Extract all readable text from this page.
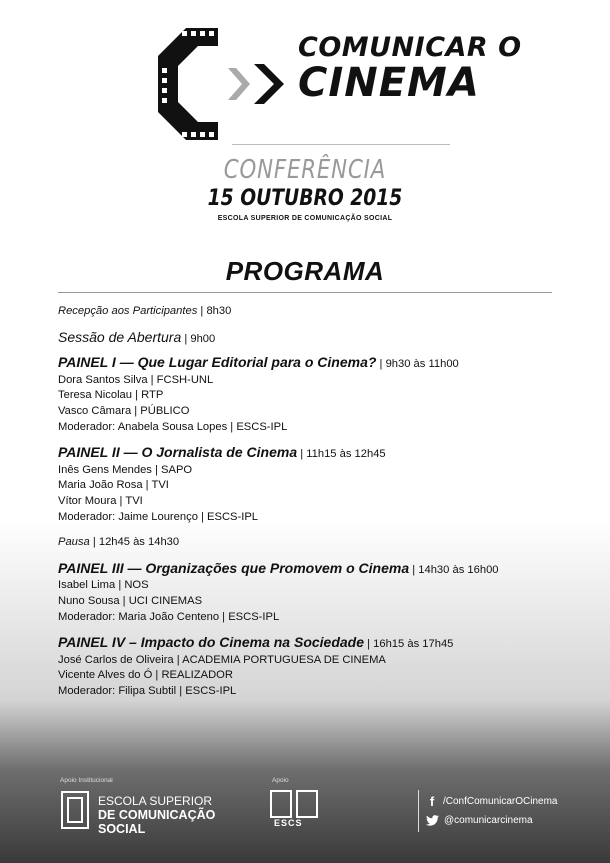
COMUNICAR O
CINEMA
CONFERÊNCIA
15 OUTUBRO 2015
ESCOLA SUPERIOR DE COMUNICAÇÃO SOCIAL
PROGRAMA
Recepção aos Participantes | 8h30
Sessão de Abertura | 9h00
PAINEL I — Que Lugar Editorial para o Cinema? | 9h30 às 11h00
Dora Santos Silva | FCSH-UNL
Teresa Nicolau | RTP
Vasco Câmara | PÚBLICO
Moderador: Anabela Sousa Lopes | ESCS-IPL
PAINEL II — O Jornalista de Cinema | 11h15 às 12h45
Inês Gens Mendes | SAPO
Maria João Rosa | TVI
Vítor Moura | TVI
Moderador: Jaime Lourenço | ESCS-IPL
Pausa | 12h45 às 14h30
PAINEL III — Organizações que Promovem o Cinema | 14h30 às 16h00
Isabel Lima | NOS
Nuno Sousa | UCI CINEMAS
Moderador: Maria João Centeno | ESCS-IPL
PAINEL IV – Impacto do Cinema na Sociedade | 16h15 às 17h45
José Carlos de Oliveira | ACADEMIA PORTUGUESA DE CINEMA
Vicente Alves do Ó | REALIZADOR
Moderador: Filipa Subtil | ESCS-IPL
Apoio Institucional
ESCOLA SUPERIOR
DE COMUNICAÇÃO SOCIAL
Apoio
ESCS
f /ConfComunicarOCinema
@comunicarcinema
